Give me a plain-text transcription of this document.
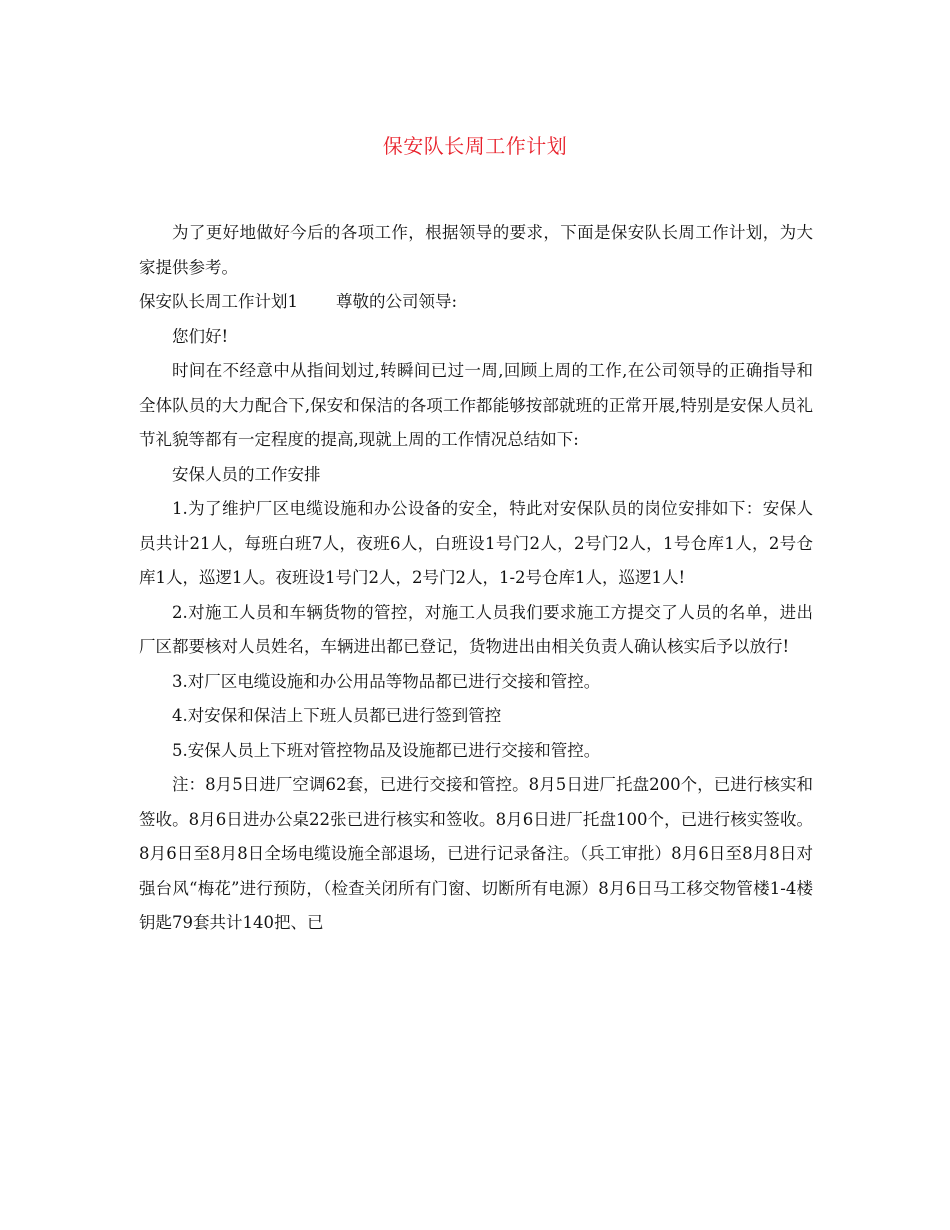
保安队长周工作计划

为了更好地做好今后的各项工作，根据领导的要求，下面是保安队长周工作计划，为大家提供参考。

保安队长周工作计划1 尊敬的公司领导:

您们好!

时间在不经意中从指间划过,转瞬间已过一周,回顾上周的工作,在公司领导的正确指导和全体队员的大力配合下,保安和保洁的各项工作都能够按部就班的正常开展,特别是安保人员礼节礼貌等都有一定程度的提高,现就上周的工作情况总结如下:

安保人员的工作安排

1.为了维护厂区电缆设施和办公设备的安全，特此对安保队员的岗位安排如下：安保人员共计21人，每班白班7人，夜班6人，白班设1号门2人，2号门2人，1号仓库1人，2号仓库1人，巡逻1人。夜班设1号门2人，2号门2人，1-2号仓库1人，巡逻1人!

2.对施工人员和车辆货物的管控，对施工人员我们要求施工方提交了人员的名单，进出厂区都要核对人员姓名，车辆进出都已登记，货物进出由相关负责人确认核实后予以放行!

3.对厂区电缆设施和办公用品等物品都已进行交接和管控。

4.对安保和保洁上下班人员都已进行签到管控

5.安保人员上下班对管控物品及设施都已进行交接和管控。

注：8月5日进厂空调62套，已进行交接和管控。8月5日进厂托盘200个，已进行核实和签收。8月6日进办公桌22张已进行核实和签收。8月6日进厂托盘100个，已进行核实签收。8月6日至8月8日全场电缆设施全部退场，已进行记录备注。（兵工审批）8月6日至8月8日对强台风“梅花”进行预防，（检查关闭所有门窗、切断所有电源）8月6日马工移交物管楼1-4楼钥匙79套共计140把、已
